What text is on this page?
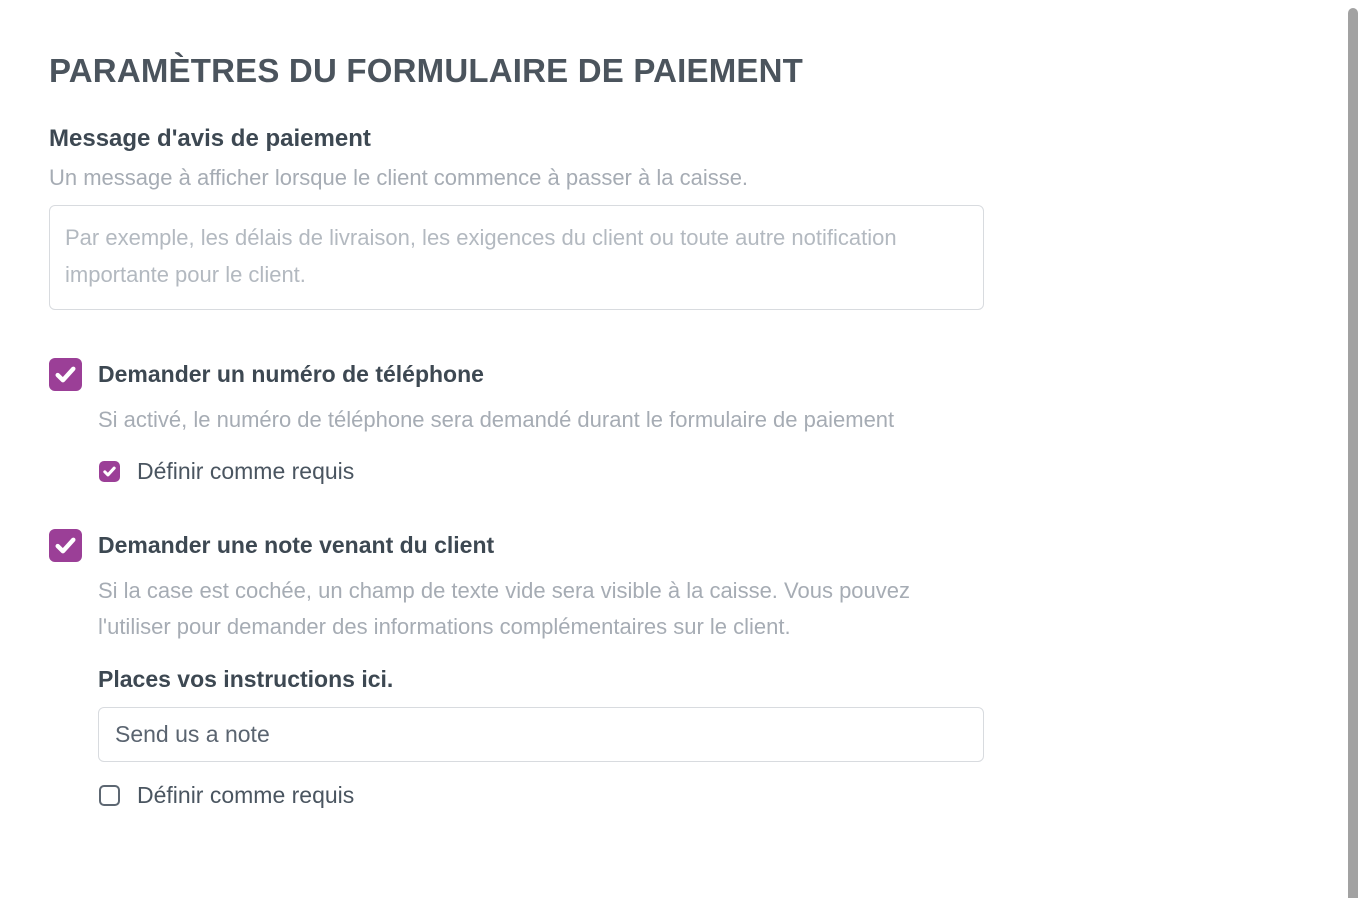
PARAMÈTRES DU FORMULAIRE DE PAIEMENT
Message d'avis de paiement
Un message à afficher lorsque le client commence à passer à la caisse.
Par exemple, les délais de livraison, les exigences du client ou toute autre notification importante pour le client.
Demander un numéro de téléphone
Si activé, le numéro de téléphone sera demandé durant le formulaire de paiement
Définir comme requis
Demander une note venant du client
Si la case est cochée, un champ de texte vide sera visible à la caisse. Vous pouvez l'utiliser pour demander des informations complémentaires sur le client.
Places vos instructions ici.
Send us a note
Définir comme requis
